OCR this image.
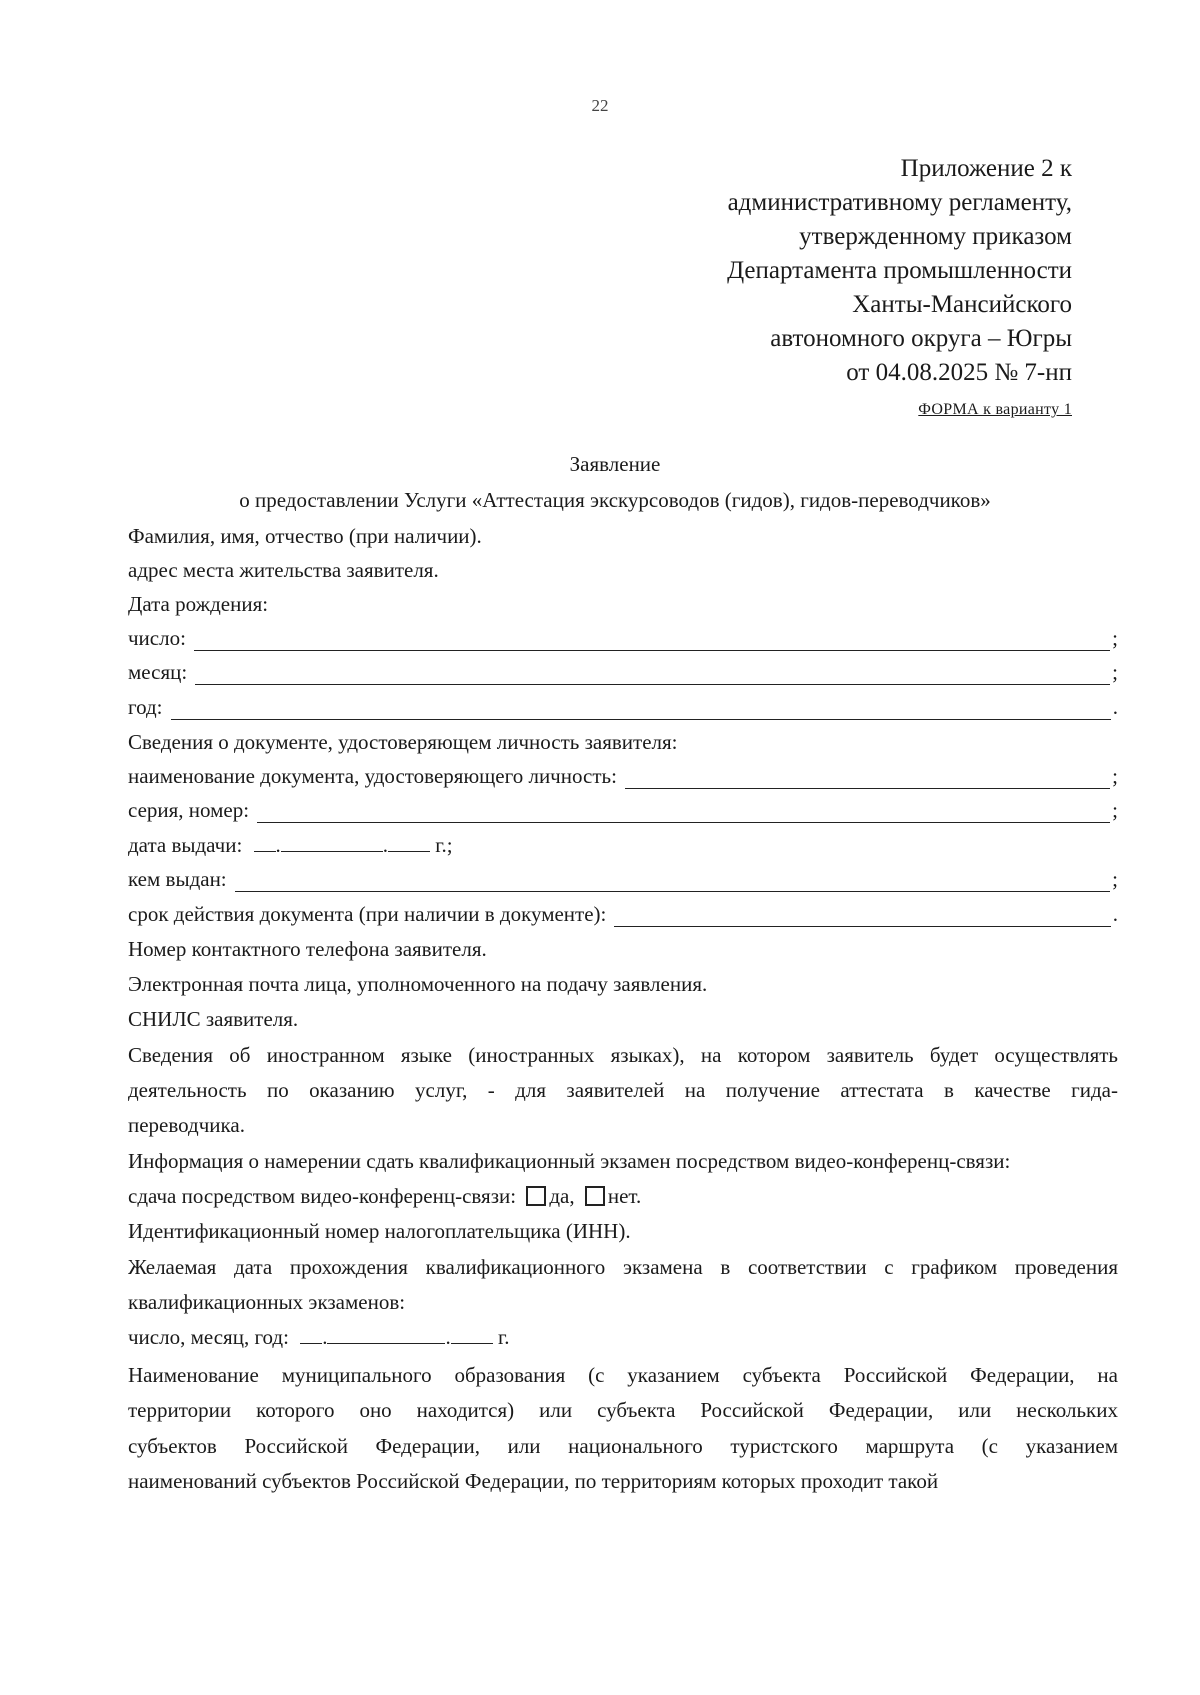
22
Приложение 2 к
административному регламенту,
утвержденному приказом
Департамента промышленности
Ханты-Мансийского
автономного округа – Югры
от 04.08.2025 № 7-нп
ФОРМА к варианту 1
Заявление
о предоставлении Услуги «Аттестация экскурсоводов (гидов), гидов-переводчиков»
Фамилия, имя, отчество (при наличии).
адрес места жительства заявителя.
Дата рождения:
число:	;
месяц:	;
год:	.
Сведения о документе, удостоверяющем личность заявителя:
наименование документа, удостоверяющего личность:	;
серия, номер:	;
дата выдачи: .	. г.;
кем выдан:	;
срок действия документа (при наличии в документе):	.
Номер контактного телефона заявителя.
Электронная почта лица, уполномоченного на подачу заявления.
СНИЛС заявителя.
Сведения об иностранном языке (иностранных языках), на котором заявитель будет осуществлять
деятельность по оказанию услуг, - для заявителей на получение аттестата в качестве гида-
переводчика.
Информация о намерении сдать квалификационный экзамен посредством видео-конференц-связи:
сдача посредством видео-конференц-связи: да, нет.
Идентификационный номер налогоплательщика (ИНН).
Желаемая дата прохождения квалификационного экзамена в соответствии с графиком проведения
квалификационных экзаменов:
число, месяц, год: .	. г.
Наименование муниципального образования (с указанием субъекта Российской Федерации, на
территории которого оно находится) или субъекта Российской Федерации, или нескольких
субъектов Российской Федерации, или национального туристского маршрута (с указанием
наименований субъектов Российской Федерации, по территориям которых проходит такой
